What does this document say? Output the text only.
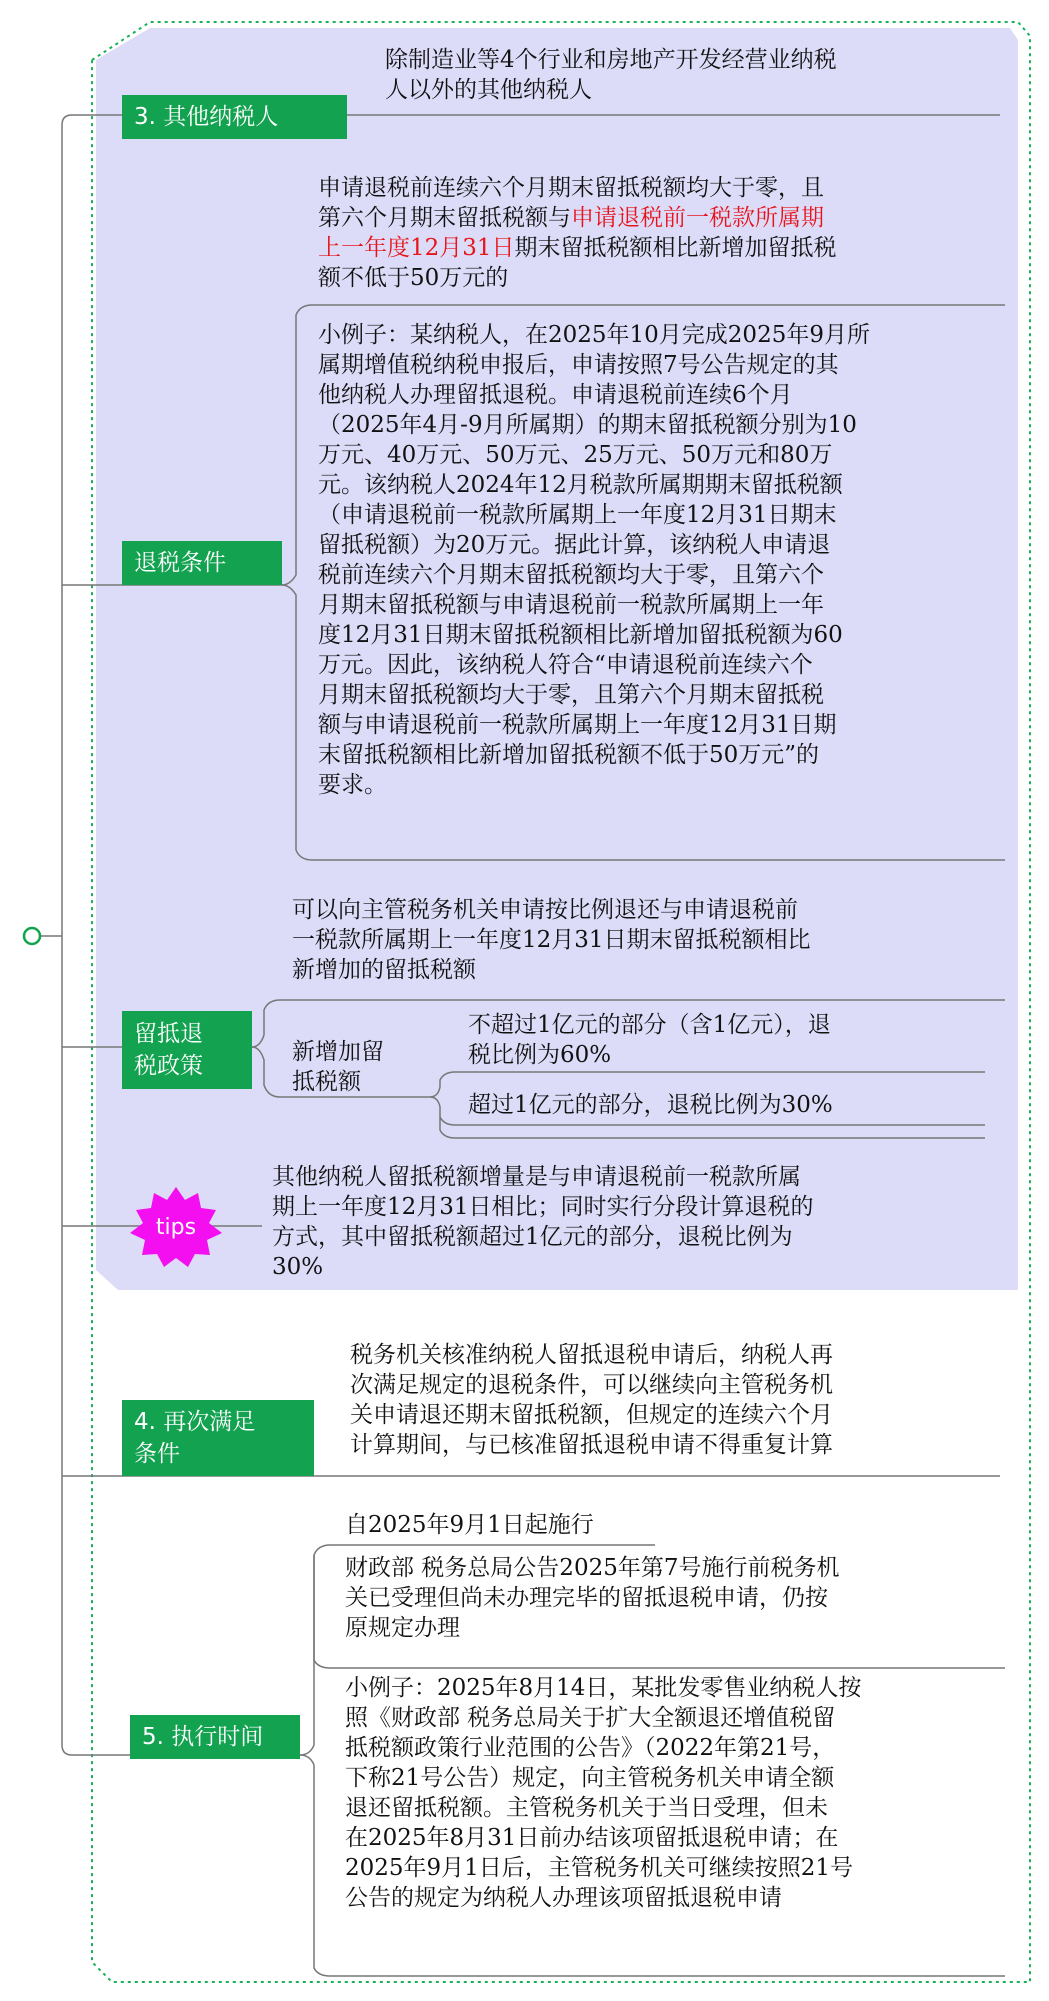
3. 其他纳税人
除制造业等4个行业和房地产开发经营业纳税
人以外的其他纳税人
退税条件
申请退税前连续六个月期末留抵税额均大于零，且
第六个月期末留抵税额与申请退税前一税款所属期
上一年度12月31日期末留抵税额相比新增加留抵税
额不低于50万元的
小例子：某纳税人，在2025年10月完成2025年9月所
属期增值税纳税申报后，申请按照7号公告规定的其
他纳税人办理留抵退税。申请退税前连续6个月
（2025年4月-9月所属期）的期末留抵税额分别为10
万元、40万元、50万元、25万元、50万元和80万
元。该纳税人2024年12月税款所属期期末留抵税额
（申请退税前一税款所属期上一年度12月31日期末
留抵税额）为20万元。据此计算，该纳税人申请退
税前连续六个月期末留抵税额均大于零，且第六个
月期末留抵税额与申请退税前一税款所属期上一年
度12月31日期末留抵税额相比新增加留抵税额为60
万元。因此，该纳税人符合“申请退税前连续六个
月期末留抵税额均大于零，且第六个月期末留抵税
额与申请退税前一税款所属期上一年度12月31日期
末留抵税额相比新增加留抵税额不低于50万元”的
要求。
留抵退
税政策
可以向主管税务机关申请按比例退还与申请退税前
一税款所属期上一年度12月31日期末留抵税额相比
新增加的留抵税额
新增加留
抵税额
不超过1亿元的部分（含1亿元），退
税比例为60%
超过1亿元的部分，退税比例为30%
tips
其他纳税人留抵税额增量是与申请退税前一税款所属
期上一年度12月31日相比；同时实行分段计算退税的
方式，其中留抵税额超过1亿元的部分，退税比例为
30%
4. 再次满足
条件
税务机关核准纳税人留抵退税申请后，纳税人再
次满足规定的退税条件，可以继续向主管税务机
关申请退还期末留抵税额，但规定的连续六个月
计算期间，与已核准留抵退税申请不得重复计算
5. 执行时间
自2025年9月1日起施行
财政部 税务总局公告2025年第7号施行前税务机
关已受理但尚未办理完毕的留抵退税申请，仍按
原规定办理
小例子：2025年8月14日，某批发零售业纳税人按
照《财政部 税务总局关于扩大全额退还增值税留
抵税额政策行业范围的公告》（2022年第21号，
下称21号公告）规定，向主管税务机关申请全额
退还留抵税额。主管税务机关于当日受理，但未
在2025年8月31日前办结该项留抵退税申请；在
2025年9月1日后，主管税务机关可继续按照21号
公告的规定为纳税人办理该项留抵退税申请
